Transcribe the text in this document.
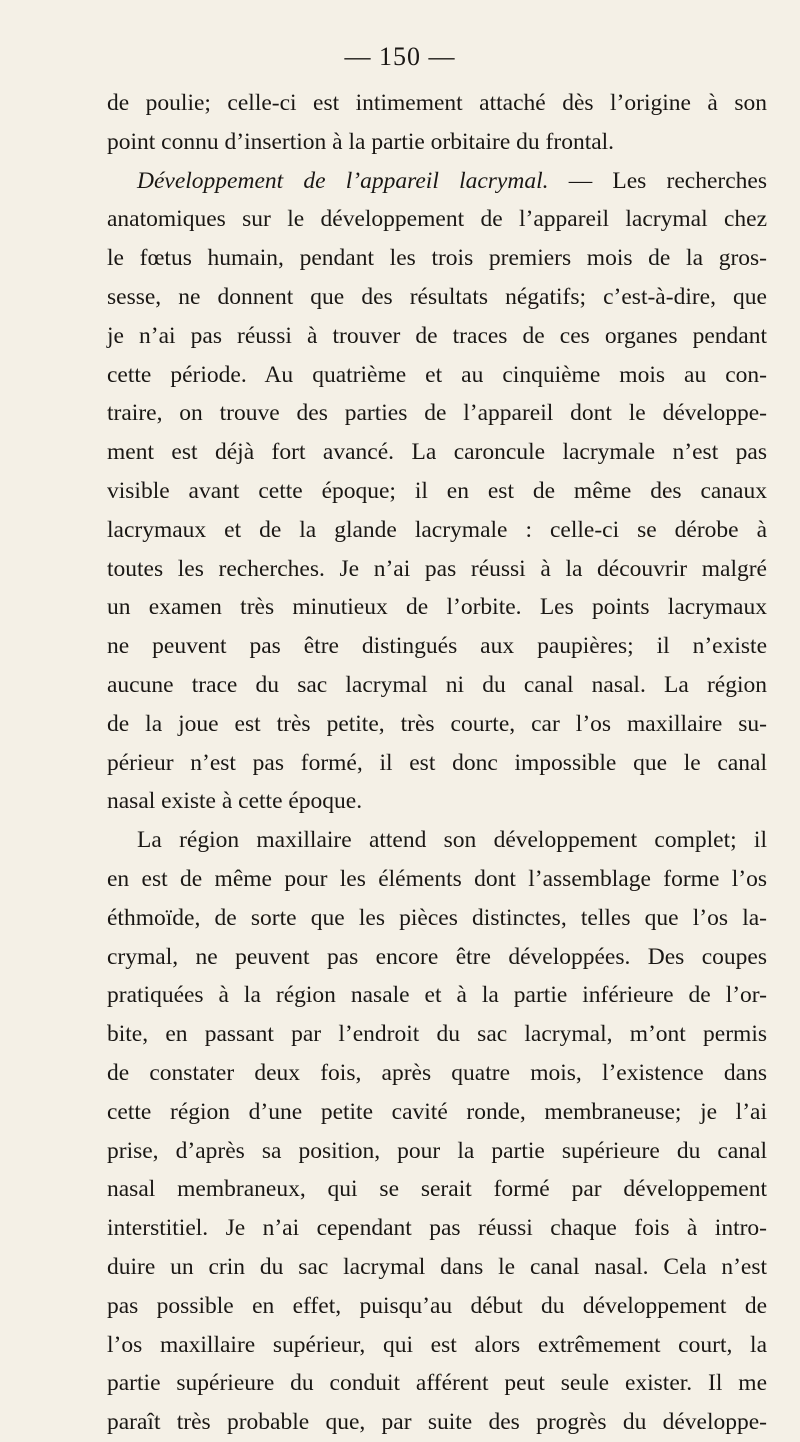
— 150 —
de poulie; celle-ci est intimement attaché dès l’origine à son
point connu d’insertion à la partie orbitaire du frontal.
Développement de l’appareil lacrymal. — Les recherches
anatomiques sur le développement de l’appareil lacrymal chez
le fœtus humain, pendant les trois premiers mois de la gros-
sesse, ne donnent que des résultats négatifs; c’est-à-dire, que
je n’ai pas réussi à trouver de traces de ces organes pendant
cette période. Au quatrième et au cinquième mois au con-
traire, on trouve des parties de l’appareil dont le développe-
ment est déjà fort avancé. La caroncule lacrymale n’est pas
visible avant cette époque; il en est de même des canaux
lacrymaux et de la glande lacrymale : celle-ci se dérobe à
toutes les recherches. Je n’ai pas réussi à la découvrir malgré
un examen très minutieux de l’orbite. Les points lacrymaux
ne peuvent pas être distingués aux paupières; il n’existe
aucune trace du sac lacrymal ni du canal nasal. La région
de la joue est très petite, très courte, car l’os maxillaire su-
périeur n’est pas formé, il est donc impossible que le canal
nasal existe à cette époque.
La région maxillaire attend son développement complet; il
en est de même pour les éléments dont l’assemblage forme l’os
éthmoïde, de sorte que les pièces distinctes, telles que l’os la-
crymal, ne peuvent pas encore être développées. Des coupes
pratiquées à la région nasale et à la partie inférieure de l’or-
bite, en passant par l’endroit du sac lacrymal, m’ont permis
de constater deux fois, après quatre mois, l’existence dans
cette région d’une petite cavité ronde, membraneuse; je l’ai
prise, d’après sa position, pour la partie supérieure du canal
nasal membraneux, qui se serait formé par développement
interstitiel. Je n’ai cependant pas réussi chaque fois à intro-
duire un crin du sac lacrymal dans le canal nasal. Cela n’est
pas possible en effet, puisqu’au début du développement de
l’os maxillaire supérieur, qui est alors extrêmement court, la
partie supérieure du conduit afférent peut seule exister. Il me
paraît très probable que, par suite des progrès du développe-
